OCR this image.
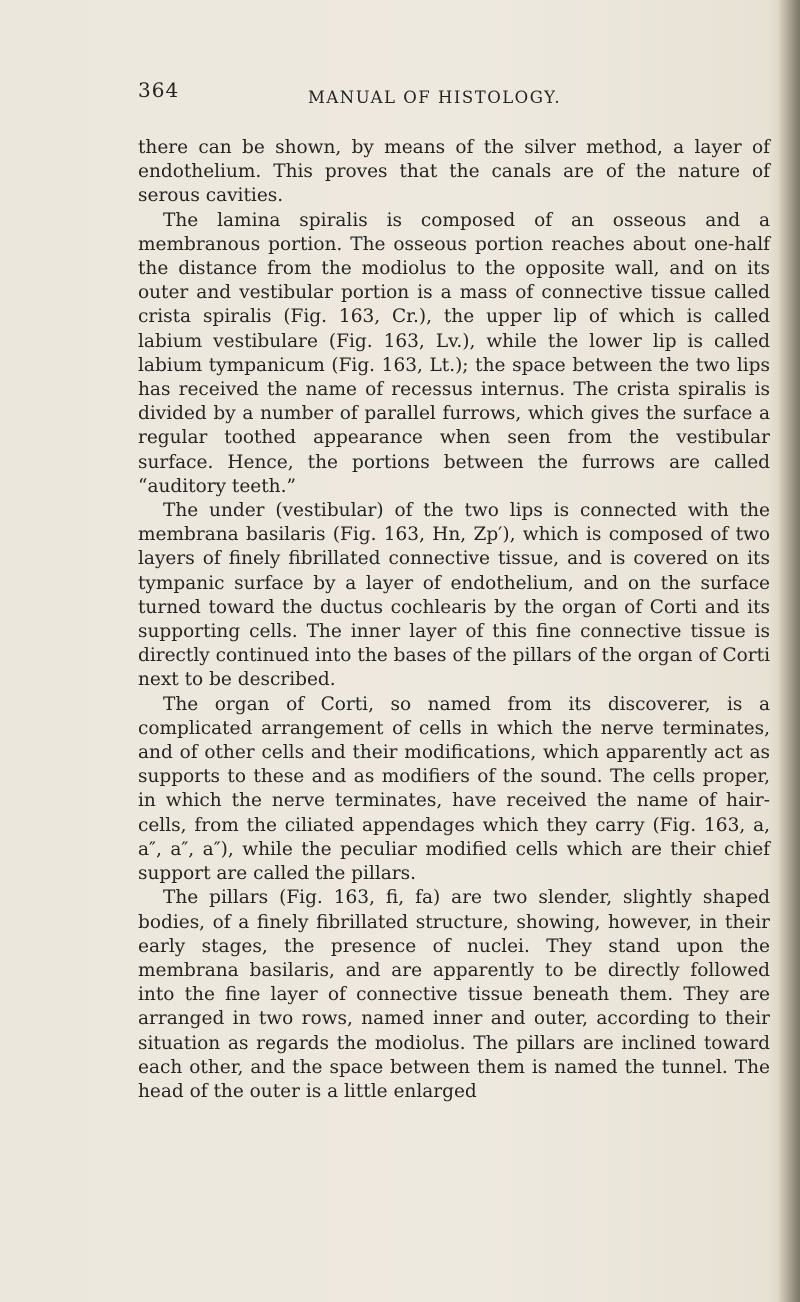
364	MANUAL OF HISTOLOGY.

there can be shown, by means of the silver method, a layer of endothelium. This proves that the canals are of the nature of serous cavities.

The lamina spiralis is composed of an osseous and a membranous portion. The osseous portion reaches about one-half the distance from the modiolus to the opposite wall, and on its outer and vestibular portion is a mass of connective tissue called crista spiralis (Fig. 163, Cr.), the upper lip of which is called labium vestibulare (Fig. 163, Lv.), while the lower lip is called labium tympanicum (Fig. 163, Lt.); the space between the two lips has received the name of recessus internus. The crista spiralis is divided by a number of parallel furrows, which gives the surface a regular toothed appearance when seen from the vestibular surface. Hence, the portions between the furrows are called “auditory teeth.”

The under (vestibular) of the two lips is connected with the membrana basilaris (Fig. 163, Hn, Zp′), which is composed of two layers of finely fibrillated connective tissue, and is covered on its tympanic surface by a layer of endothelium, and on the surface turned toward the ductus cochlearis by the organ of Corti and its supporting cells. The inner layer of this fine connective tissue is directly continued into the bases of the pillars of the organ of Corti next to be described.

The organ of Corti, so named from its discoverer, is a complicated arrangement of cells in which the nerve terminates, and of other cells and their modifications, which apparently act as supports to these and as modifiers of the sound. The cells proper, in which the nerve terminates, have received the name of hair-cells, from the ciliated appendages which they carry (Fig. 163, a, a″, a″, a″), while the peculiar modified cells which are their chief support are called the pillars.

The pillars (Fig. 163, fi, fa) are two slender, slightly shaped bodies, of a finely fibrillated structure, showing, however, in their early stages, the presence of nuclei. They stand upon the membrana basilaris, and are apparently to be directly followed into the fine layer of connective tissue beneath them. They are arranged in two rows, named inner and outer, according to their situation as regards the modiolus. The pillars are inclined toward each other, and the space between them is named the tunnel. The head of the outer is a little enlarged
